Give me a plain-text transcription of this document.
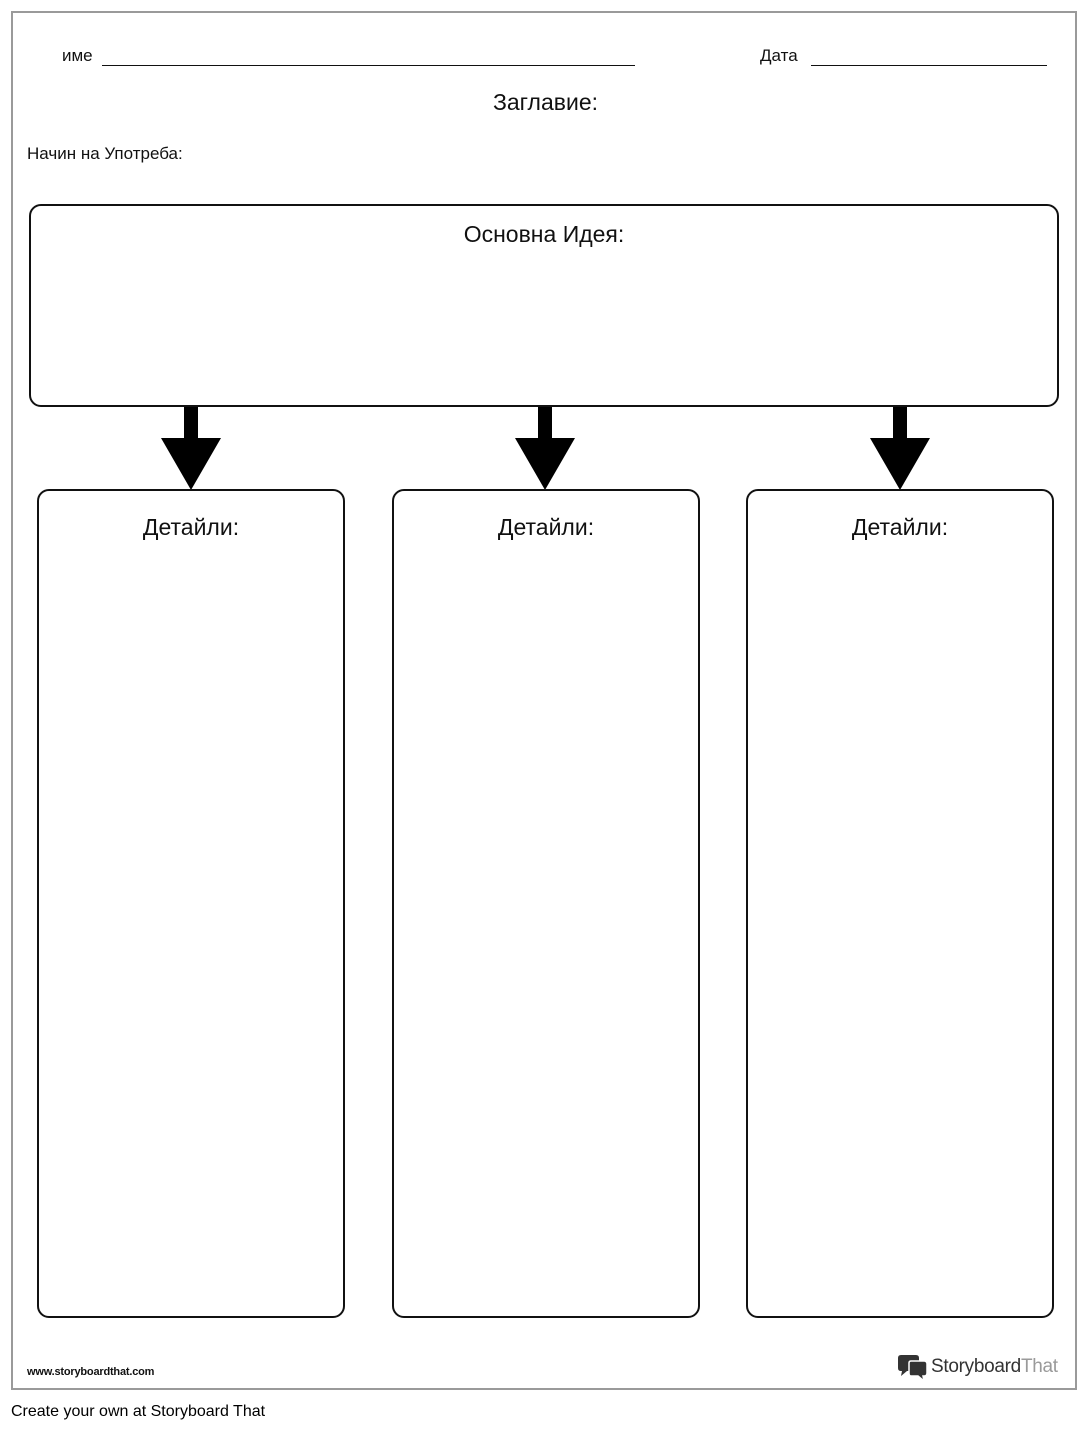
име	Дата
Заглавие:
Начин на Употреба:
Основна Идея:
Детайли:	Детайли:	Детайли:
www.storyboardthat.com	StoryboardThat
Create your own at Storyboard That
